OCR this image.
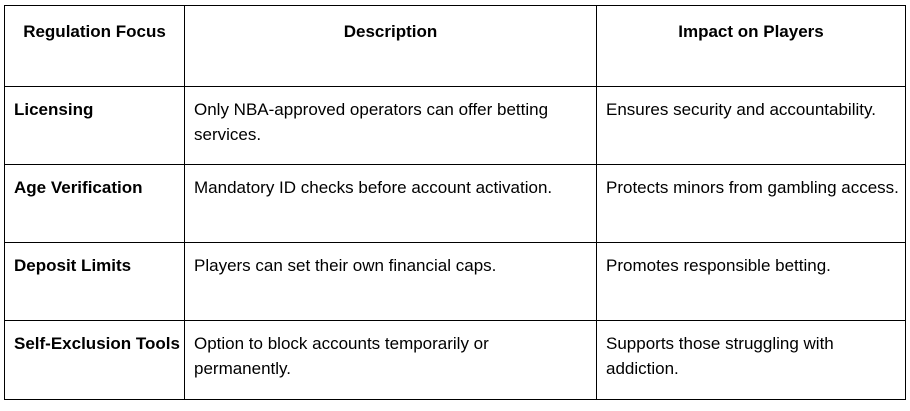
Regulation Focus	Description	Impact on Players

Licensing	Only NBA-approved operators can offer betting services.	Ensures security and accountability.
Age Verification	Mandatory ID checks before account activation.	Protects minors from gambling access.
Deposit Limits	Players can set their own financial caps.	Promotes responsible betting.
Self-Exclusion Tools	Option to block accounts temporarily or permanently.	Supports those struggling with addiction.
